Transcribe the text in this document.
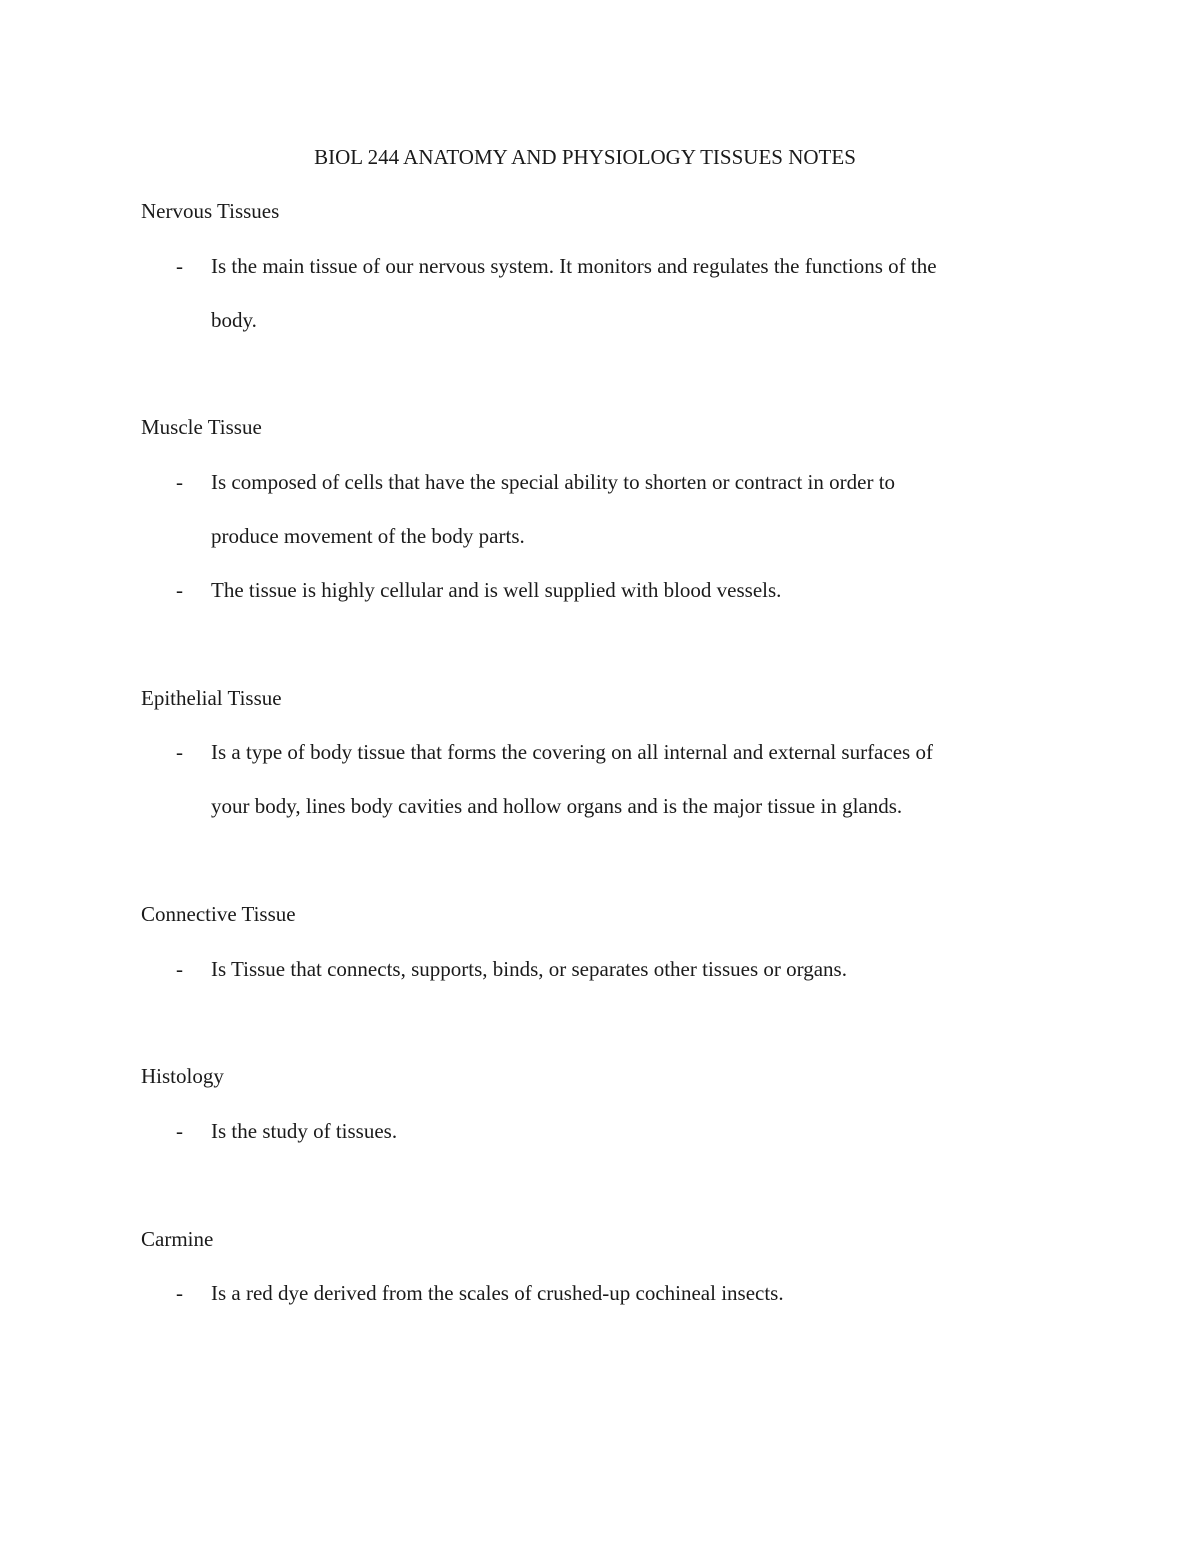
BIOL 244 ANATOMY AND PHYSIOLOGY TISSUES NOTES
Nervous Tissues
- Is the main tissue of our nervous system. It monitors and regulates the functions of the
body.
Muscle Tissue
- Is composed of cells that have the special ability to shorten or contract in order to
produce movement of the body parts.
- The tissue is highly cellular and is well supplied with blood vessels.
Epithelial Tissue
- Is a type of body tissue that forms the covering on all internal and external surfaces of
your body, lines body cavities and hollow organs and is the major tissue in glands.
Connective Tissue
- Is Tissue that connects, supports, binds, or separates other tissues or organs.
Histology
- Is the study of tissues.
Carmine
- Is a red dye derived from the scales of crushed-up cochineal insects.
